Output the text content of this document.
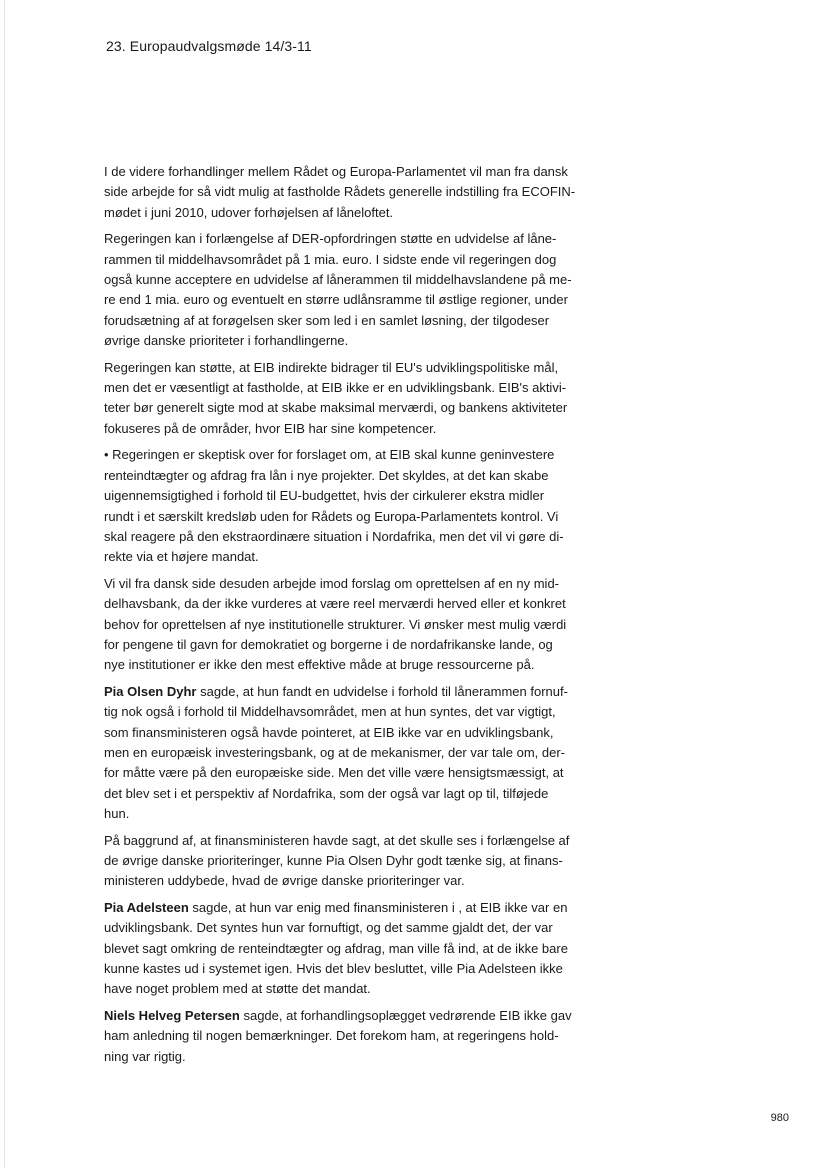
23. Europaudvalgsmøde 14/3-11
I de videre forhandlinger mellem Rådet og Europa-Parlamentet vil man fra dansk
side arbejde for så vidt mulig at fastholde Rådets generelle indstilling fra ECOFIN-
mødet i juni 2010, udover forhøjelsen af låneloftet.
Regeringen kan i forlængelse af DER-opfordringen støtte en udvidelse af låne-
rammen til middelhavsområdet på 1 mia. euro. I sidste ende vil regeringen dog
også kunne acceptere en udvidelse af lånerammen til middelhavslandene på me-
re end 1 mia. euro og eventuelt en større udlånsramme til østlige regioner, under
forudsætning af at forøgelsen sker som led i en samlet løsning, der tilgodeser
øvrige danske prioriteter i forhandlingerne.
Regeringen kan støtte, at EIB indirekte bidrager til EU's udviklingspolitiske mål,
men det er væsentligt at fastholde, at EIB ikke er en udviklingsbank. EIB's aktivi-
teter bør generelt sigte mod at skabe maksimal merværdi, og bankens aktiviteter
fokuseres på de områder, hvor EIB har sine kompetencer.
• Regeringen er skeptisk over for forslaget om, at EIB skal kunne geninvestere
renteindtægter og afdrag fra lån i nye projekter. Det skyldes, at det kan skabe
uigennemsigtighed i forhold til EU-budgettet, hvis der cirkulerer ekstra midler
rundt i et særskilt kredsløb uden for Rådets og Europa-Parlamentets kontrol. Vi
skal reagere på den ekstraordinære situation i Nordafrika, men det vil vi gøre di-
rekte via et højere mandat.
Vi vil fra dansk side desuden arbejde imod forslag om oprettelsen af en ny mid-
delhavsbank, da der ikke vurderes at være reel merværdi herved eller et konkret
behov for oprettelsen af nye institutionelle strukturer. Vi ønsker mest mulig værdi
for pengene til gavn for demokratiet og borgerne i de nordafrikanske lande, og
nye institutioner er ikke den mest effektive måde at bruge ressourcerne på.
Pia Olsen Dyhr sagde, at hun fandt en udvidelse i forhold til lånerammen fornuf-
tig nok også i forhold til Middelhavsområdet, men at hun syntes, det var vigtigt,
som finansministeren også havde pointeret, at EIB ikke var en udviklingsbank,
men en europæisk investeringsbank, og at de mekanismer, der var tale om, der-
for måtte være på den europæiske side. Men det ville være hensigtsmæssigt, at
det blev set i et perspektiv af Nordafrika, som der også var lagt op til, tilføjede
hun.
På baggrund af, at finansministeren havde sagt, at det skulle ses i forlængelse af
de øvrige danske prioriteringer, kunne Pia Olsen Dyhr godt tænke sig, at finans-
ministeren uddybede, hvad de øvrige danske prioriteringer var.
Pia Adelsteen sagde, at hun var enig med finansministeren i , at EIB ikke var en
udviklingsbank. Det syntes hun var fornuftigt, og det samme gjaldt det, der var
blevet sagt omkring de renteindtægter og afdrag, man ville få ind, at de ikke bare
kunne kastes ud i systemet igen. Hvis det blev besluttet, ville Pia Adelsteen ikke
have noget problem med at støtte det mandat.
Niels Helveg Petersen sagde, at forhandlingsoplægget vedrørende EIB ikke gav
ham anledning til nogen bemærkninger. Det forekom ham, at regeringens hold-
ning var rigtig.
980
